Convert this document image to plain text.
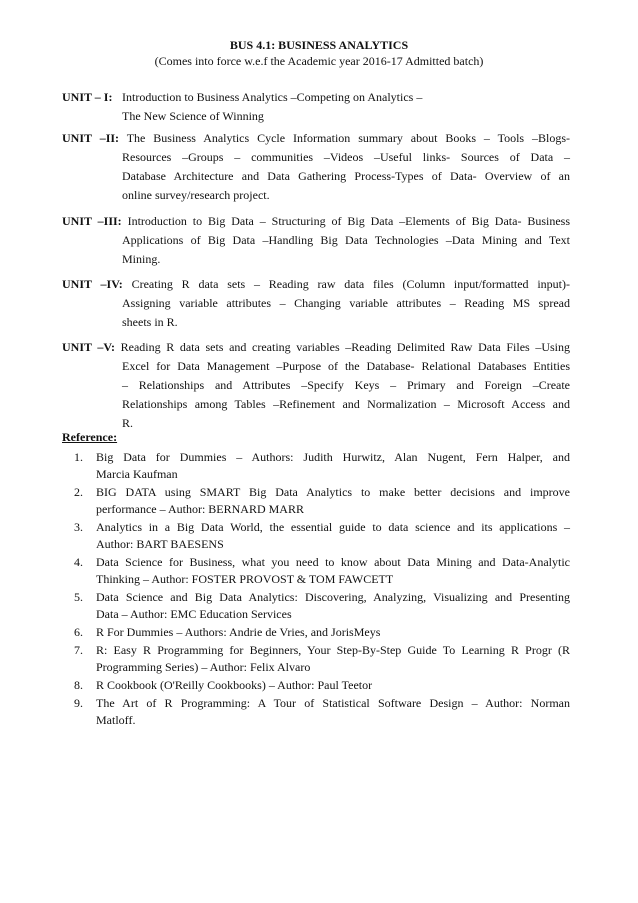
BUS 4.1: BUSINESS ANALYTICS
(Comes into force w.e.f the Academic year 2016-17 Admitted batch)
UNIT – I: Introduction to Business Analytics –Competing on Analytics –
The New Science of Winning
UNIT –II: The Business Analytics Cycle Information summary about Books – Tools –Blogs-
Resources –Groups – communities –Videos –Useful links- Sources of Data –
Database Architecture and Data Gathering Process-Types of Data- Overview of an
online survey/research project.
UNIT –III: Introduction to Big Data – Structuring of Big Data –Elements of Big Data- Business
Applications of Big Data –Handling Big Data Technologies –Data Mining and Text
Mining.
UNIT –IV: Creating R data sets – Reading raw data files (Column input/formatted input)-
Assigning variable attributes – Changing variable attributes – Reading MS spread
sheets in R.
UNIT –V: Reading R data sets and creating variables –Reading Delimited Raw Data Files –Using
Excel for Data Management –Purpose of the Database- Relational Databases Entities
– Relationships and Attributes –Specify Keys – Primary and Foreign –Create
Relationships among Tables –Refinement and Normalization – Microsoft Access and
R.
Reference:
1. Big Data for Dummies – Authors: Judith Hurwitz, Alan Nugent, Fern Halper, and
Marcia Kaufman
2. BIG DATA using SMART Big Data Analytics to make better decisions and improve
performance – Author: BERNARD MARR
3. Analytics in a Big Data World, the essential guide to data science and its applications –
Author: BART BAESENS
4. Data Science for Business, what you need to know about Data Mining and Data-Analytic
Thinking – Author: FOSTER PROVOST & TOM FAWCETT
5. Data Science and Big Data Analytics: Discovering, Analyzing, Visualizing and Presenting
Data – Author: EMC Education Services
6. R For Dummies – Authors: Andrie de Vries, and JorisMeys
7. R: Easy R Programming for Beginners, Your Step-By-Step Guide To Learning R Progr (R
Programming Series) – Author: Felix Alvaro
8. R Cookbook (O'Reilly Cookbooks) – Author: Paul Teetor
9. The Art of R Programming: A Tour of Statistical Software Design – Author: Norman
Matloff.
